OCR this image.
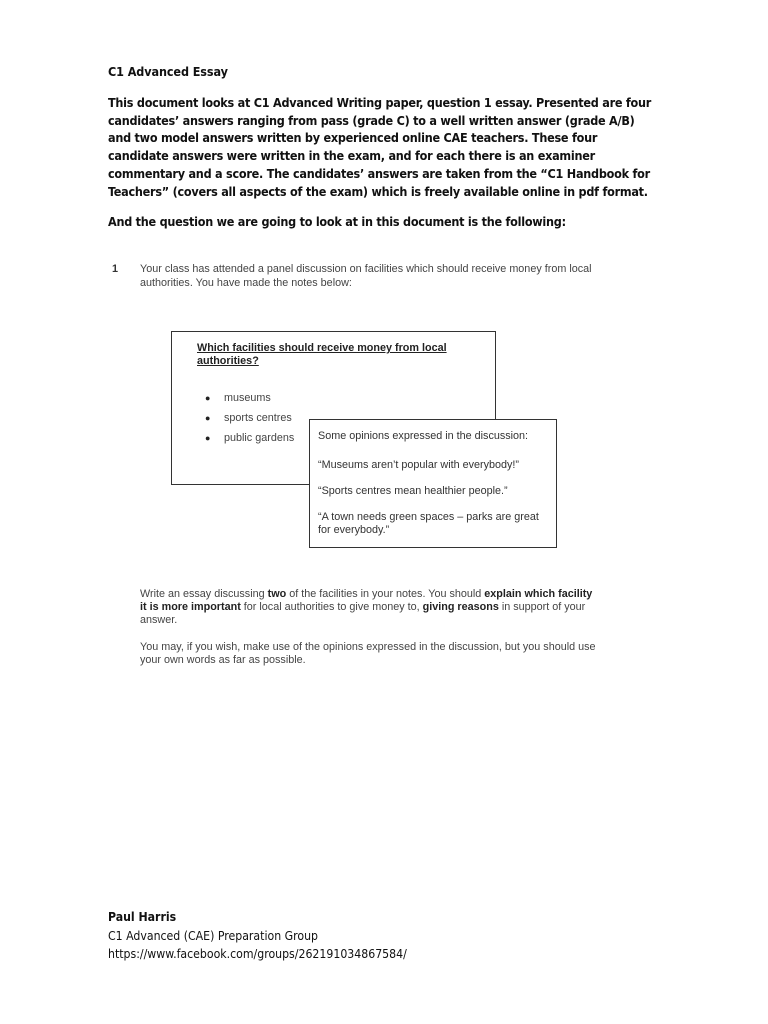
C1 Advanced Essay
This document looks at C1 Advanced Writing paper, question 1 essay. Presented are four candidates’ answers ranging from pass (grade C) to a well written answer (grade A/B) and two model answers written by experienced online CAE teachers. These four candidate answers were written in the exam, and for each there is an examiner commentary and a score. The candidates’ answers are taken from the “C1 Handbook for Teachers” (covers all aspects of the exam) which is freely available online in pdf format.
And the question we are going to look at in this document is the following:
1 Your class has attended a panel discussion on facilities which should receive money from local authorities. You have made the notes below:
Which facilities should receive money from local authorities?
● museums
● sports centres
● public gardens Some opinions expressed in the discussion:
“Museums aren’t popular with everybody!”
“Sports centres mean healthier people.”
“A town needs green spaces – parks are great for everybody.”
Write an essay discussing two of the facilities in your notes. You should explain which facility it is more important for local authorities to give money to, giving reasons in support of your answer.
You may, if you wish, make use of the opinions expressed in the discussion, but you should use your own words as far as possible.
Paul Harris
C1 Advanced (CAE) Preparation Group
https://www.facebook.com/groups/262191034867584/
